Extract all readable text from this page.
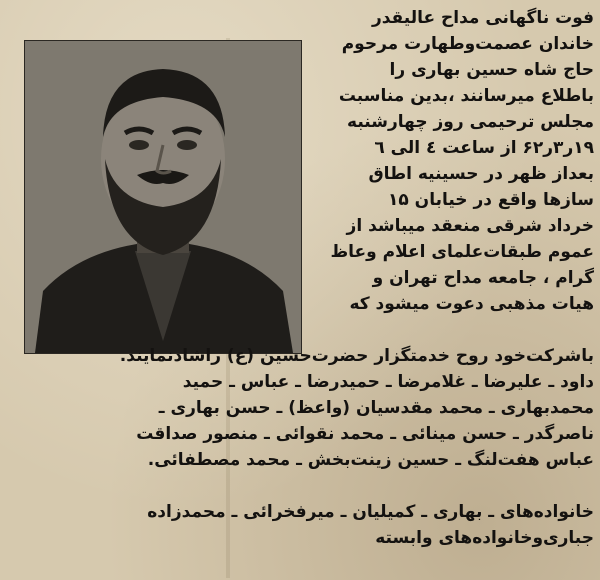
فوت ناگهانی مداح عالیقدر
خاندان عصمت‌وطهارت مرحوم
حاج شاه حسین بهاری را
باطلاع میرسانند ،بدین مناسبت
مجلس ترحیمی روز چهارشنبه
۱۹ر۳ر۶۲ از ساعت ٤ الی ٦
بعداز ظهر در حسینیه اطاق
سازها واقع در خیابان ۱۵
خرداد شرقی منعقد میباشد از
عموم طبقات‌علمای اعلام وعاظ
گرام ، جامعه مداح تهران و
هیات مذهبی دعوت میشود که
باشرکت‌خود روح خدمتگزار حضرت‌حسین (ع) راشادنمایند.
داود ـ علیرضا ـ غلامرضا ـ حمیدرضا ـ عباس ـ حمید
محمدبهاری ـ محمد مقدسیان (واعظ) ـ حسن بهاری ـ
ناصرگدر ـ حسن مینائی ـ محمد نقوائی ـ منصور صداقت
عباس هفت‌لنگ ـ حسین زینت‌بخش ـ محمد مصطفائی.
خانواده‌های ـ بهاری ـ کمیلیان ـ میرفخرائی ـ محمدزاده
جباری‌وخانواده‌های وابسته
